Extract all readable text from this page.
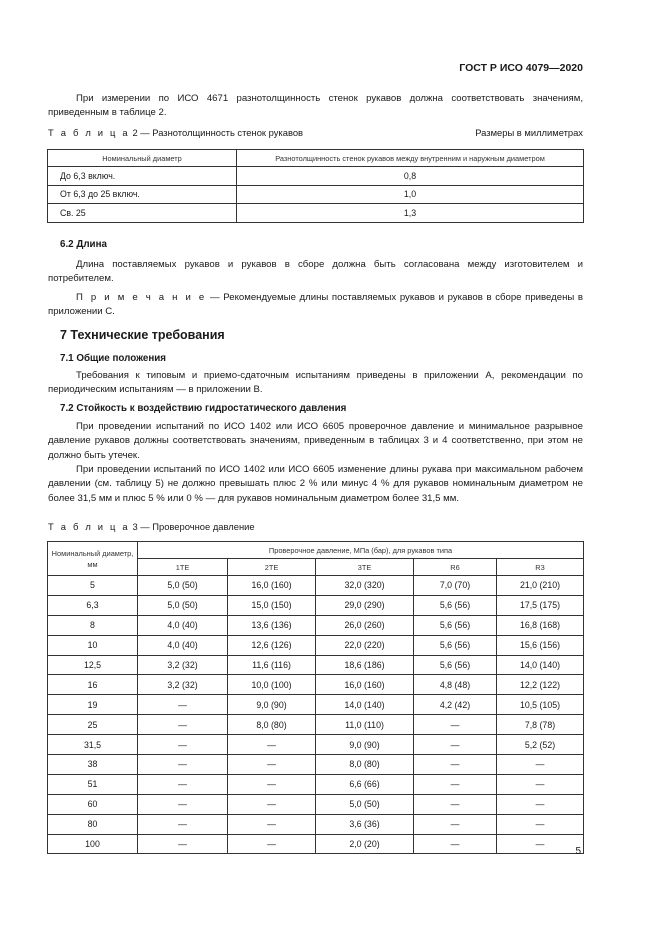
ГОСТ Р ИСО 4079—2020
При измерении по ИСО 4671 разнотолщинность стенок рукавов должна соответствовать значениям, приведенным в таблице 2.
Т а б л и ц а 2 — Разнотолщинность стенок рукавов	Размеры в миллиметрах
Номинальный диаметр	Разнотолщинность стенок рукавов между внутренним и наружным диаметром
До 6,3 включ.	0,8
От 6,3 до 25 включ.	1,0
Св. 25	1,3
6.2 Длина
Длина поставляемых рукавов и рукавов в сборе должна быть согласована между изготовителем и потребителем.
П р и м е ч а н и е — Рекомендуемые длины поставляемых рукавов и рукавов в сборе приведены в приложении С.
7 Технические требования
7.1 Общие положения
Требования к типовым и приемо-сдаточным испытаниям приведены в приложении А, рекомендации по периодическим испытаниям — в приложении В.
7.2 Стойкость к воздействию гидростатического давления
При проведении испытаний по ИСО 1402 или ИСО 6605 проверочное давление и минимальное разрывное давление рукавов должны соответствовать значениям, приведенным в таблицах 3 и 4 соответственно, при этом не должно быть утечек.
При проведении испытаний по ИСО 1402 или ИСО 6605 изменение длины рукава при максимальном рабочем давлении (см. таблицу 5) не должно превышать плюс 2 % или минус 4 % для рукавов номинальным диаметром не более 31,5 мм и плюс 5 % или 0 % — для рукавов номинальным диаметром более 31,5 мм.
Т а б л и ц а 3 — Проверочное давление
Номинальный диаметр, мм	Проверочное давление, МПа (бар), для рукавов типа				
	1TE	2TE	3TE	R6	R3
5	5,0 (50)	16,0 (160)	32,0 (320)	7,0 (70)	21,0 (210)
6,3	5,0 (50)	15,0 (150)	29,0 (290)	5,6 (56)	17,5 (175)
8	4,0 (40)	13,6 (136)	26,0 (260)	5,6 (56)	16,8 (168)
10	4,0 (40)	12,6 (126)	22,0 (220)	5,6 (56)	15,6 (156)
12,5	3,2 (32)	11,6 (116)	18,6 (186)	5,6 (56)	14,0 (140)
16	3,2 (32)	10,0 (100)	16,0 (160)	4,8 (48)	12,2 (122)
19	—	9,0 (90)	14,0 (140)	4,2 (42)	10,5 (105)
25	—	8,0 (80)	11,0 (110)	—	7,8 (78)
31,5	—	—	9,0 (90)	—	5,2 (52)
38	—	—	8,0 (80)	—	—
51	—	—	6,6 (66)	—	—
60	—	—	5,0 (50)	—	—
80	—	—	3,6 (36)	—	—
100	—	—	2,0 (20)	—	—
5
